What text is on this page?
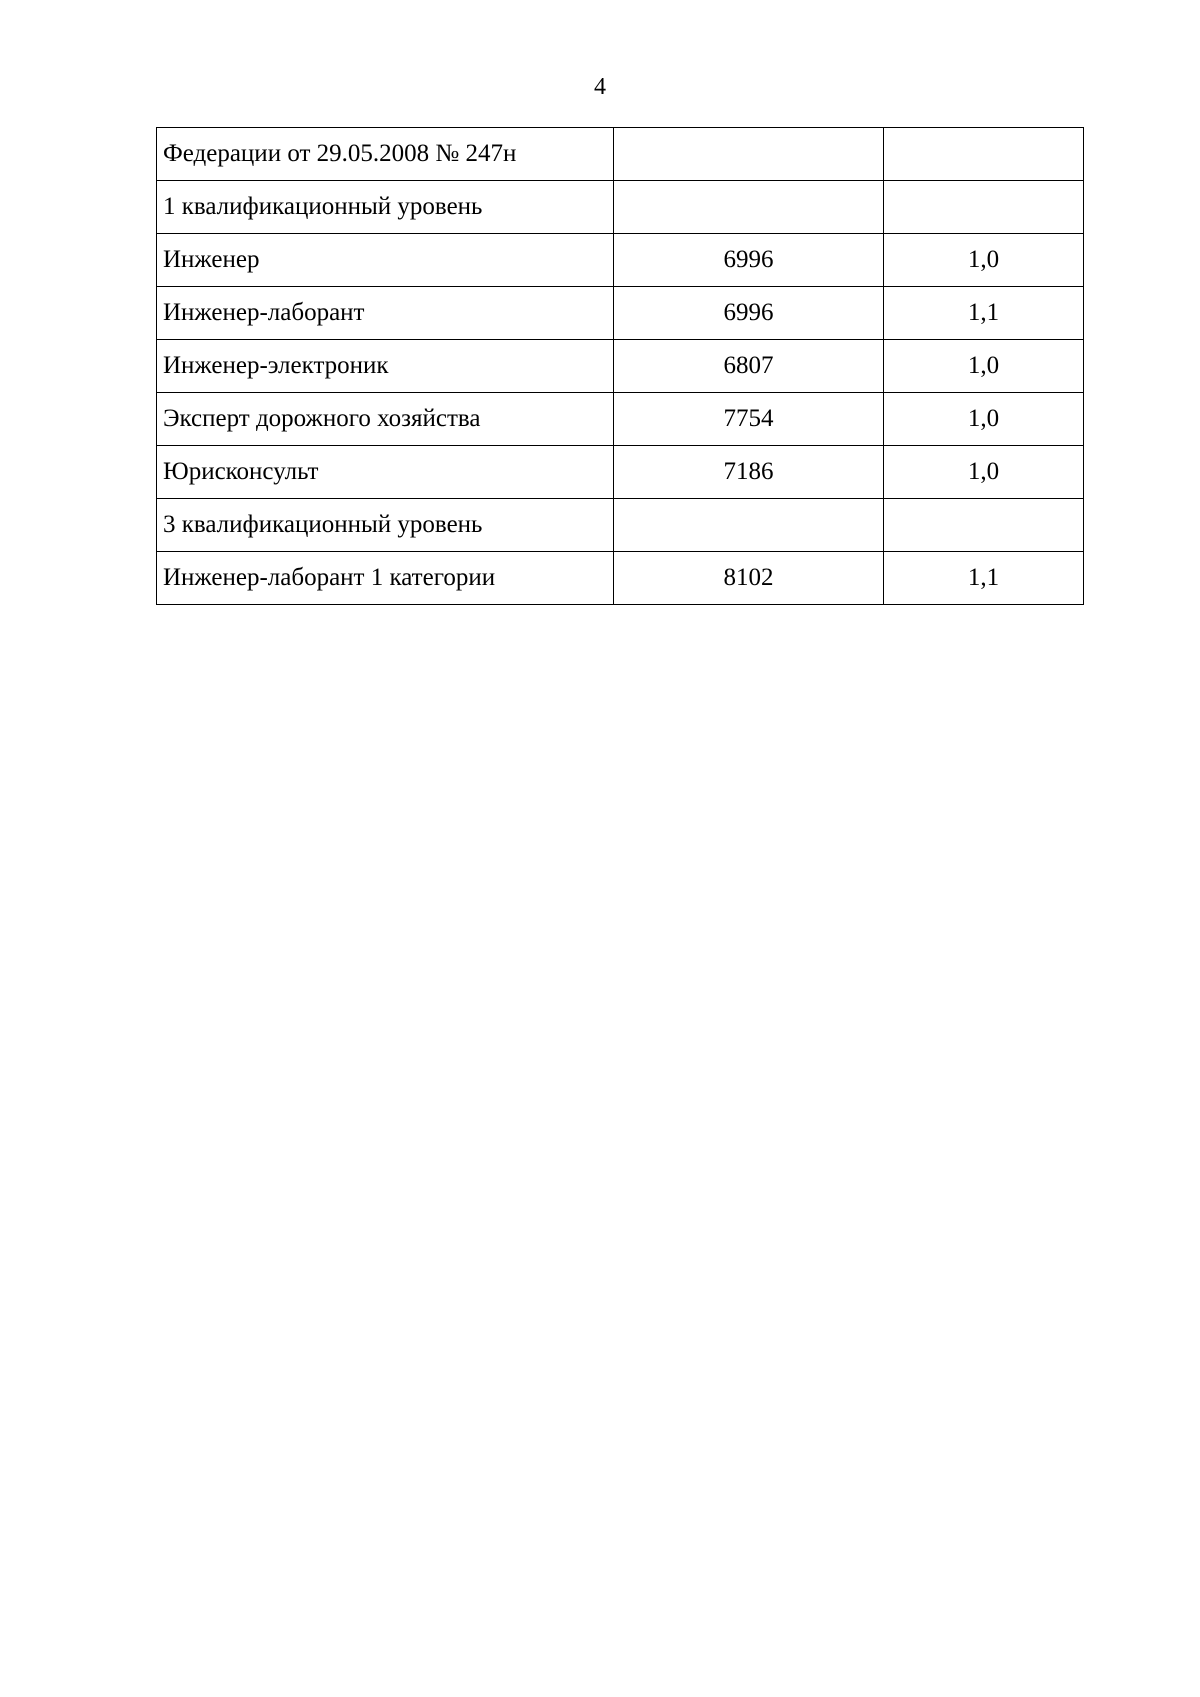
4
Федерации от 29.05.2008 № 247н		
1 квалификационный уровень		
Инженер	6996	1,0
Инженер-лаборант	6996	1,1
Инженер-электроник	6807	1,0
Эксперт дорожного хозяйства	7754	1,0
Юрисконсульт	7186	1,0
3 квалификационный уровень		
Инженер-лаборант 1 категории	8102	1,1
